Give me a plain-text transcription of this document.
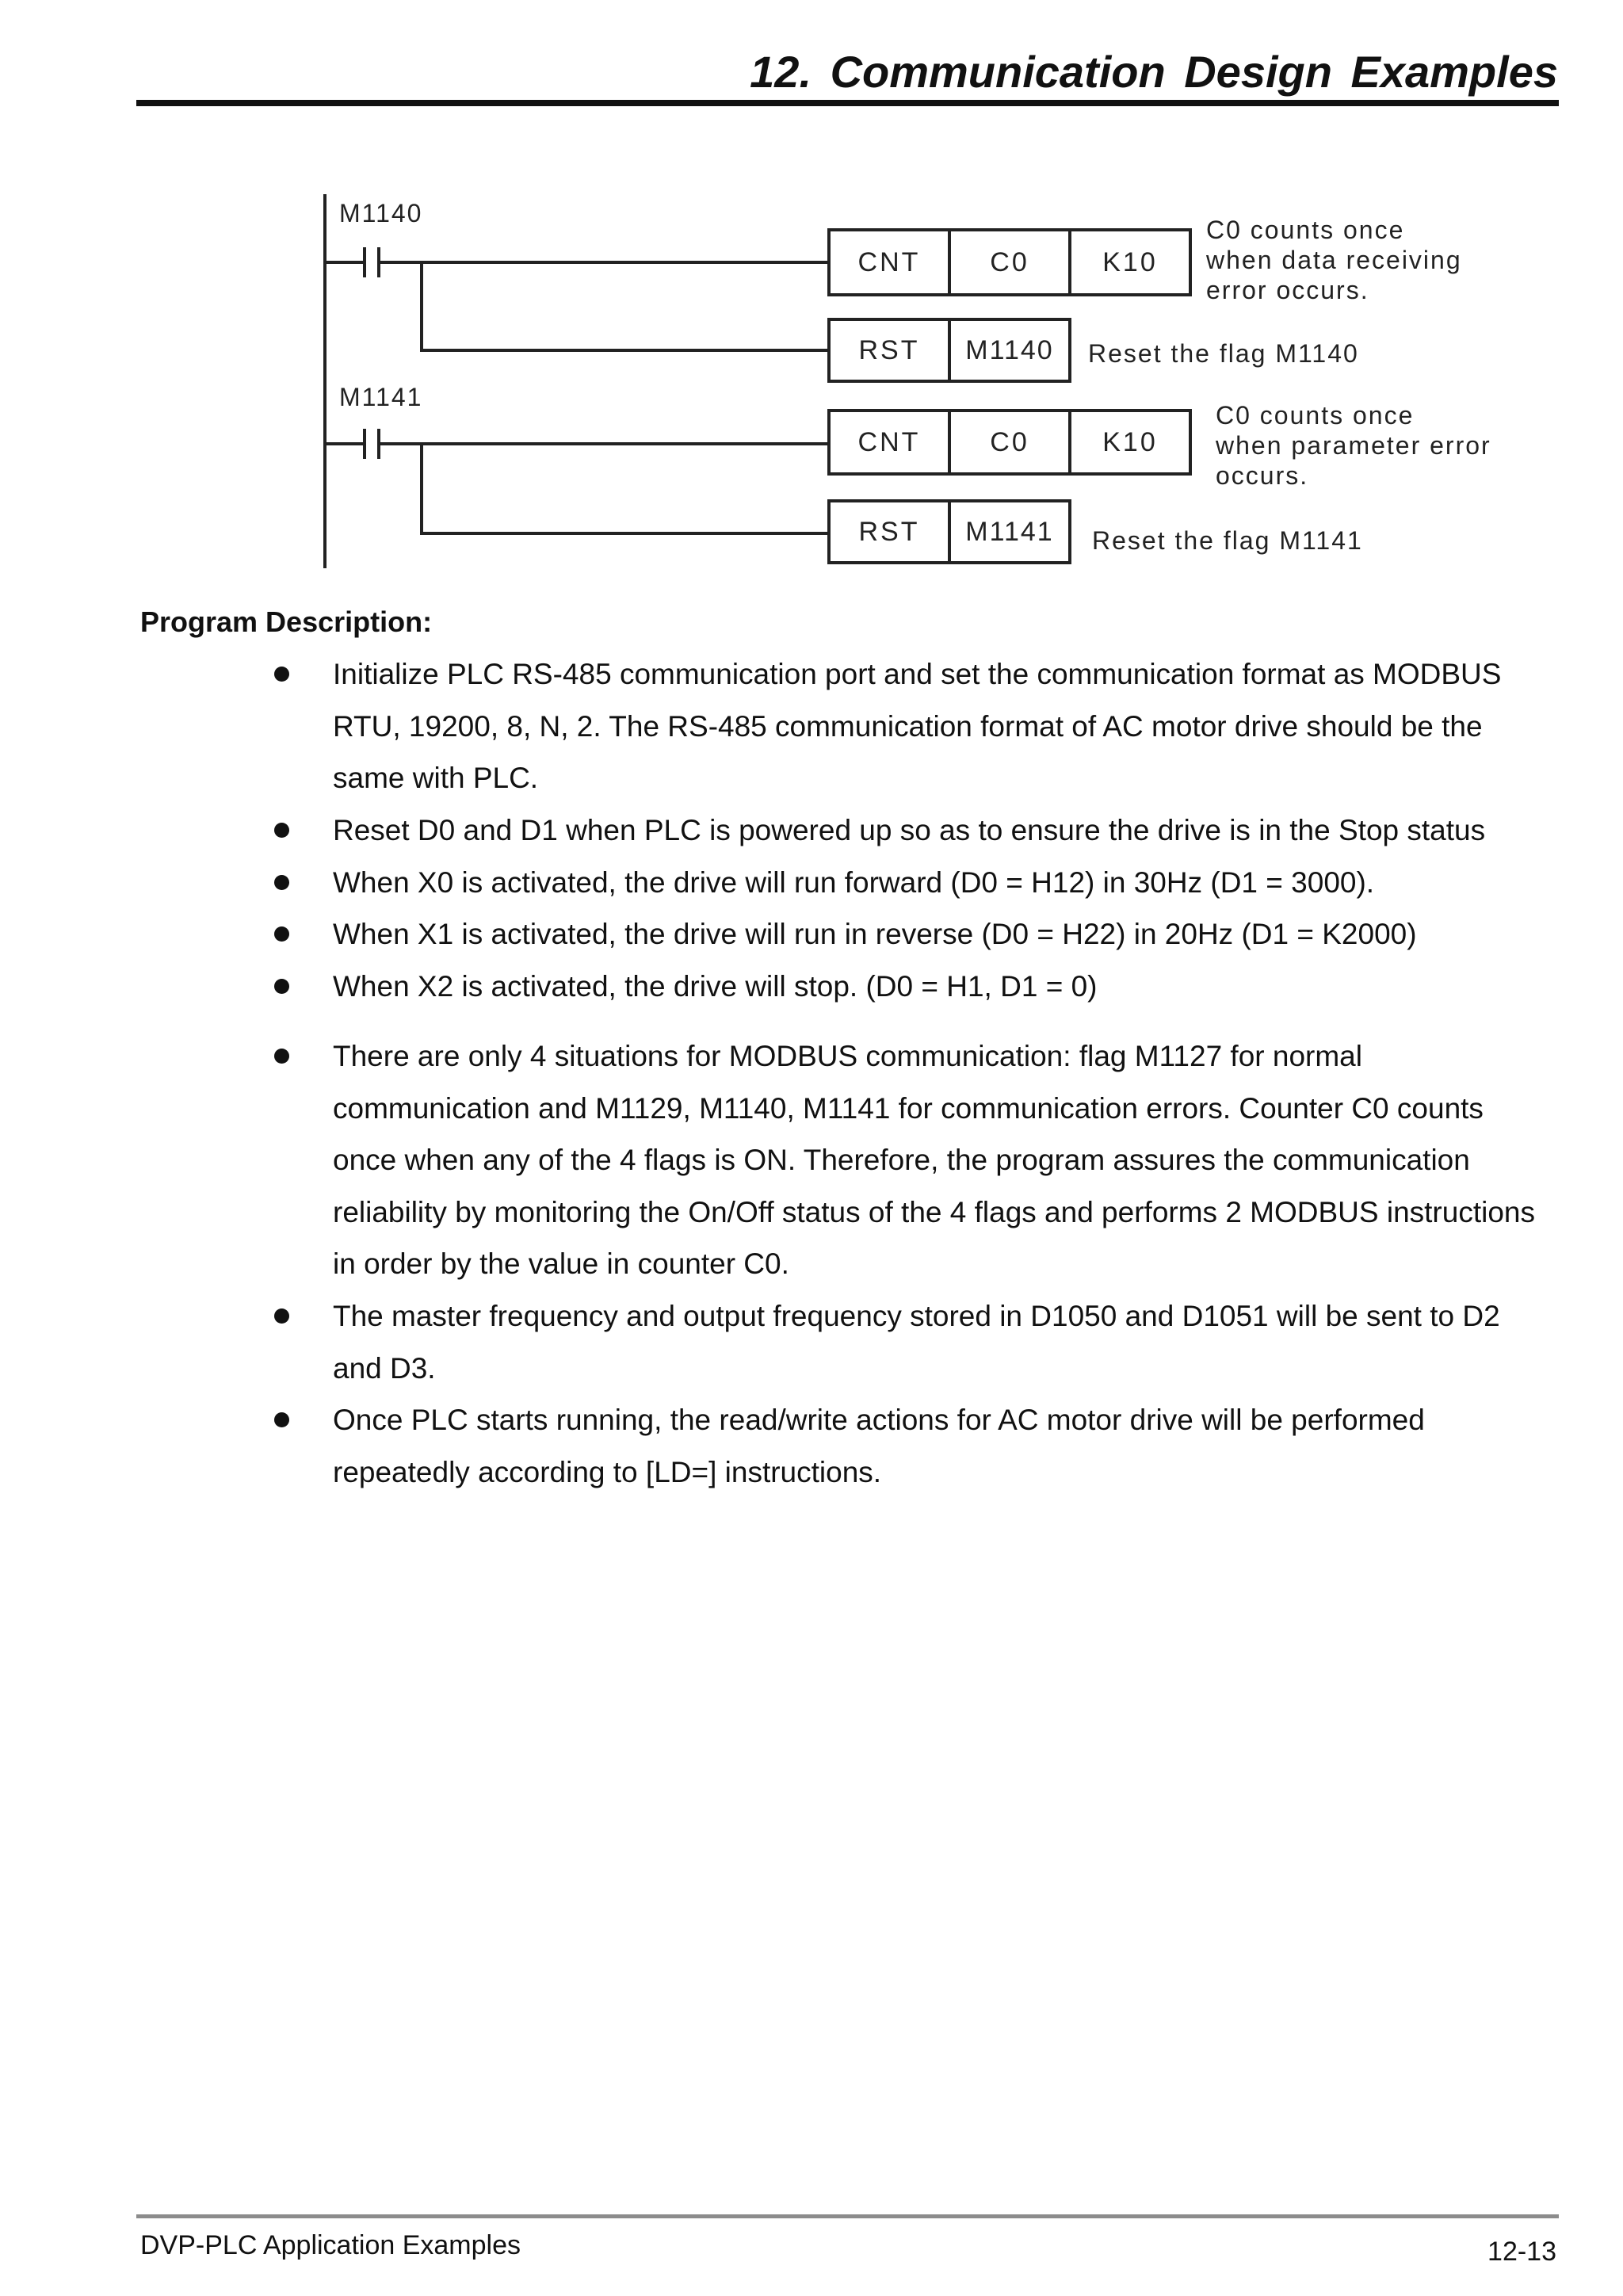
12. Communication Design Examples
M1140
CNT	C0	K10
C0 counts once
when data receiving
error occurs.
RST M1140 Reset the flag M1140
M1141
CNT	C0	K10
C0 counts once
when parameter error
occurs.
RST M1141 Reset the flag M1141
Program Description:
Initialize PLC RS-485 communication port and set the communication format as MODBUS RTU, 19200, 8, N, 2. The RS-485 communication format of AC motor drive should be the same with PLC.
Reset D0 and D1 when PLC is powered up so as to ensure the drive is in the Stop status
When X0 is activated, the drive will run forward (D0 = H12) in 30Hz (D1 = 3000).
When X1 is activated, the drive will run in reverse (D0 = H22) in 20Hz (D1 = K2000)
When X2 is activated, the drive will stop. (D0 = H1, D1 = 0)
There are only 4 situations for MODBUS communication: flag M1127 for normal communication and M1129, M1140, M1141 for communication errors. Counter C0 counts once when any of the 4 flags is ON. Therefore, the program assures the communication reliability by monitoring the On/Off status of the 4 flags and performs 2 MODBUS instructions in order by the value in counter C0.
The master frequency and output frequency stored in D1050 and D1051 will be sent to D2 and D3.
Once PLC starts running, the read/write actions for AC motor drive will be performed repeatedly according to [LD=] instructions.
DVP-PLC Application Examples	12-13
